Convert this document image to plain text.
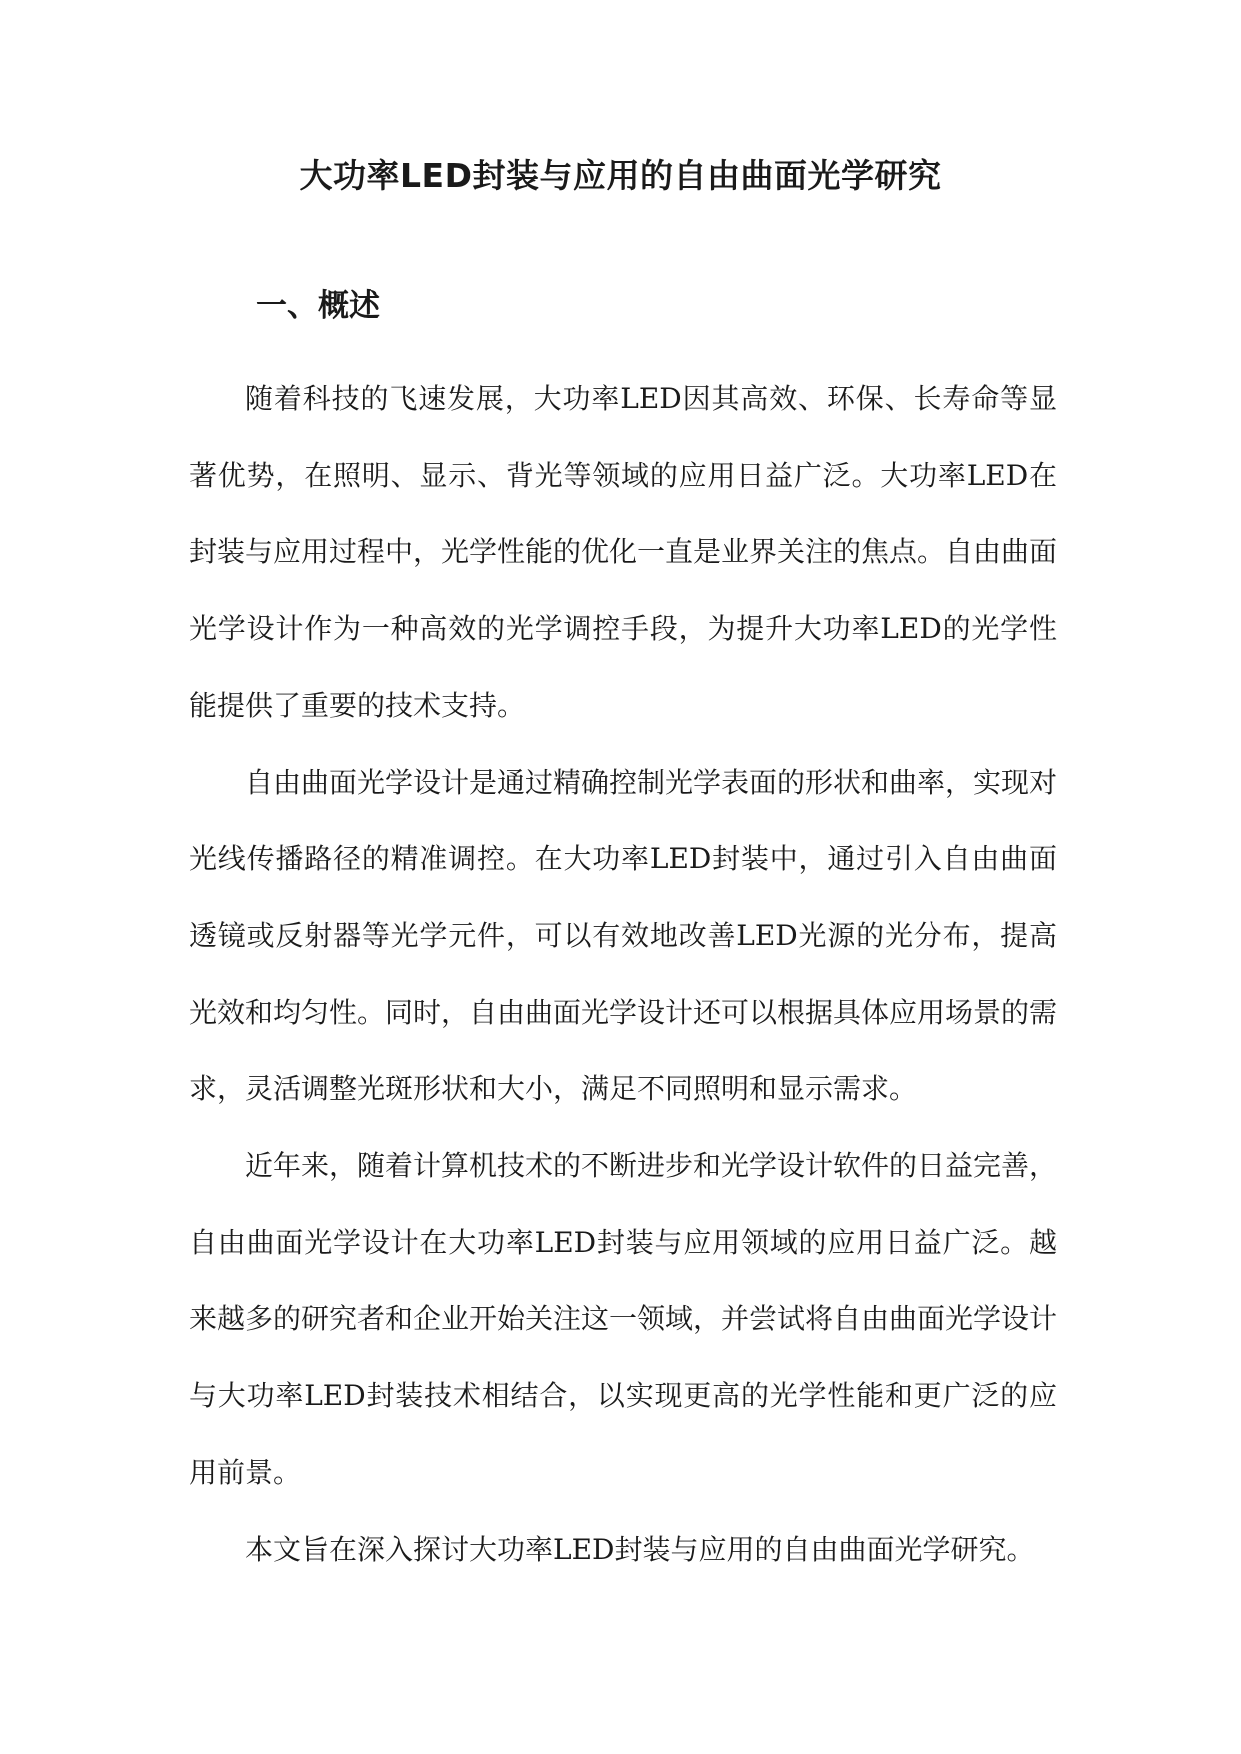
大功率LED封装与应用的自由曲面光学研究
一、概述

随着科技的飞速发展，大功率LED因其高效、环保、长寿命等显著优势，在照明、显示、背光等领域的应用日益广泛。大功率LED在封装与应用过程中，光学性能的优化一直是业界关注的焦点。自由曲面光学设计作为一种高效的光学调控手段，为提升大功率LED的光学性能提供了重要的技术支持。

自由曲面光学设计是通过精确控制光学表面的形状和曲率，实现对光线传播路径的精准调控。在大功率LED封装中，通过引入自由曲面透镜或反射器等光学元件，可以有效地改善LED光源的光分布，提高光效和均匀性。同时，自由曲面光学设计还可以根据具体应用场景的需求，灵活调整光斑形状和大小，满足不同照明和显示需求。

近年来，随着计算机技术的不断进步和光学设计软件的日益完善，自由曲面光学设计在大功率LED封装与应用领域的应用日益广泛。越来越多的研究者和企业开始关注这一领域，并尝试将自由曲面光学设计与大功率LED封装技术相结合，以实现更高的光学性能和更广泛的应用前景。

本文旨在深入探讨大功率LED封装与应用的自由曲面光学研究。
